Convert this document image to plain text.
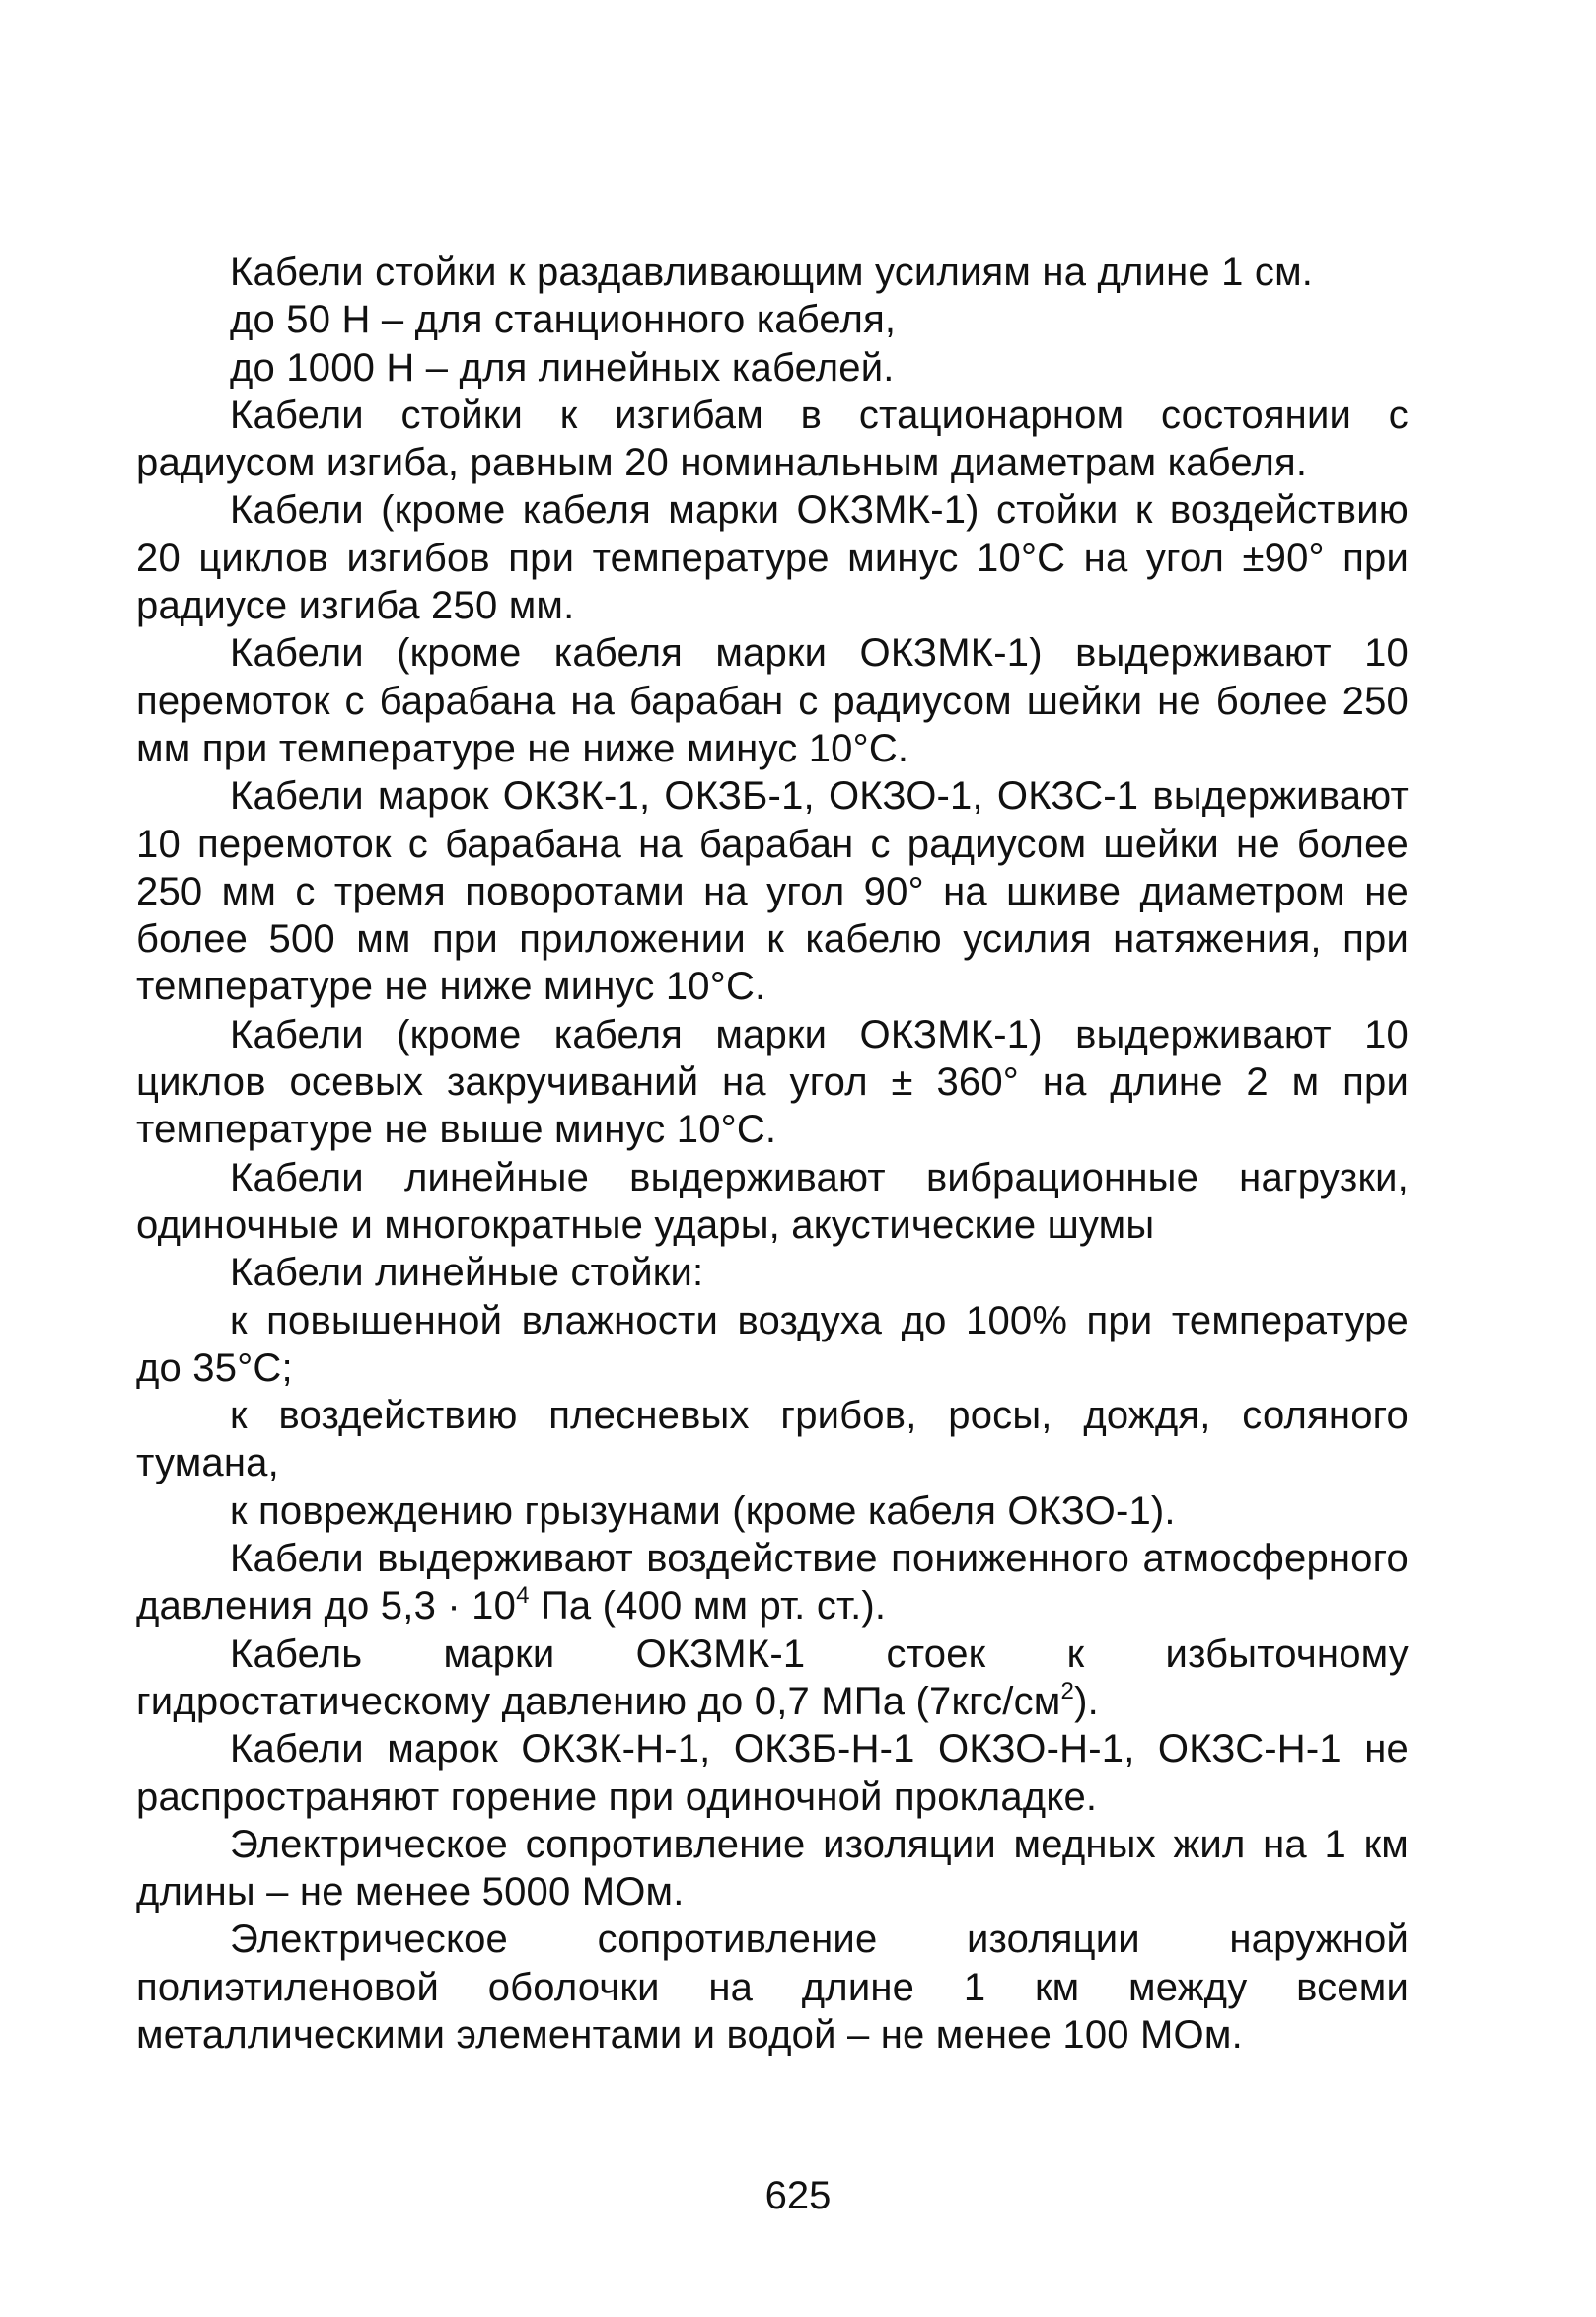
Кабели стойки к раздавливающим усилиям на длине 1 см.

до 50 Н – для станционного кабеля,

до 1000 Н – для линейных кабелей.

Кабели стойки к изгибам в стационарном состоянии с радиусом изгиба, равным 20 номинальным диаметрам кабеля.

Кабели (кроме кабеля марки ОКЗМК-1) стойки к воздействию 20 циклов изгибов при температуре минус 10°С на угол ±90° при радиусе изгиба 250 мм.

Кабели (кроме кабеля марки ОКЗМК-1) выдерживают 10 перемоток с барабана на барабан с радиусом шейки не более 250 мм при температуре не ниже минус 10°С.

Кабели марок ОКЗК-1, ОКЗБ-1, ОКЗО-1, ОКЗС-1 выдерживают 10 перемоток с барабана на барабан с радиусом шейки не более 250 мм с тремя поворотами на угол 90° на шкиве диаметром не более 500 мм при приложении к кабелю усилия натяжения, при температуре не ниже минус 10°С.

Кабели (кроме кабеля марки ОКЗМК-1) выдерживают 10 циклов осевых закручиваний на угол ± 360° на длине 2 м при температуре не выше минус 10°С.

Кабели линейные выдерживают вибрационные нагрузки, одиночные и многократные удары, акустические шумы

Кабели линейные стойки:

к повышенной влажности воздуха до 100% при температуре до 35°С;

к воздействию плесневых грибов, росы, дождя, соляного тумана,

к повреждению грызунами (кроме кабеля ОКЗО-1).

Кабели выдерживают воздействие пониженного атмосферного давления до $5,3 \cdot 10^4$ Па (400 мм рт. ст.).

Кабель марки ОКЗМК-1 стоек к избыточному гидростатическому давлению до 0,7 МПа $(7кгс/см^2)$.

Кабели марок ОКЗК-Н-1, ОКЗБ-Н-1 ОКЗО-Н-1, ОКЗС-Н-1 не распространяют горение при одиночной прокладке.

Электрическое сопротивление изоляции медных жил на 1 км длины – не менее 5000 МОм.

Электрическое сопротивление изоляции наружной полиэтиленовой оболочки на длине 1 км между всеми металлическими элементами и водой – не менее 100 МОм.

625
